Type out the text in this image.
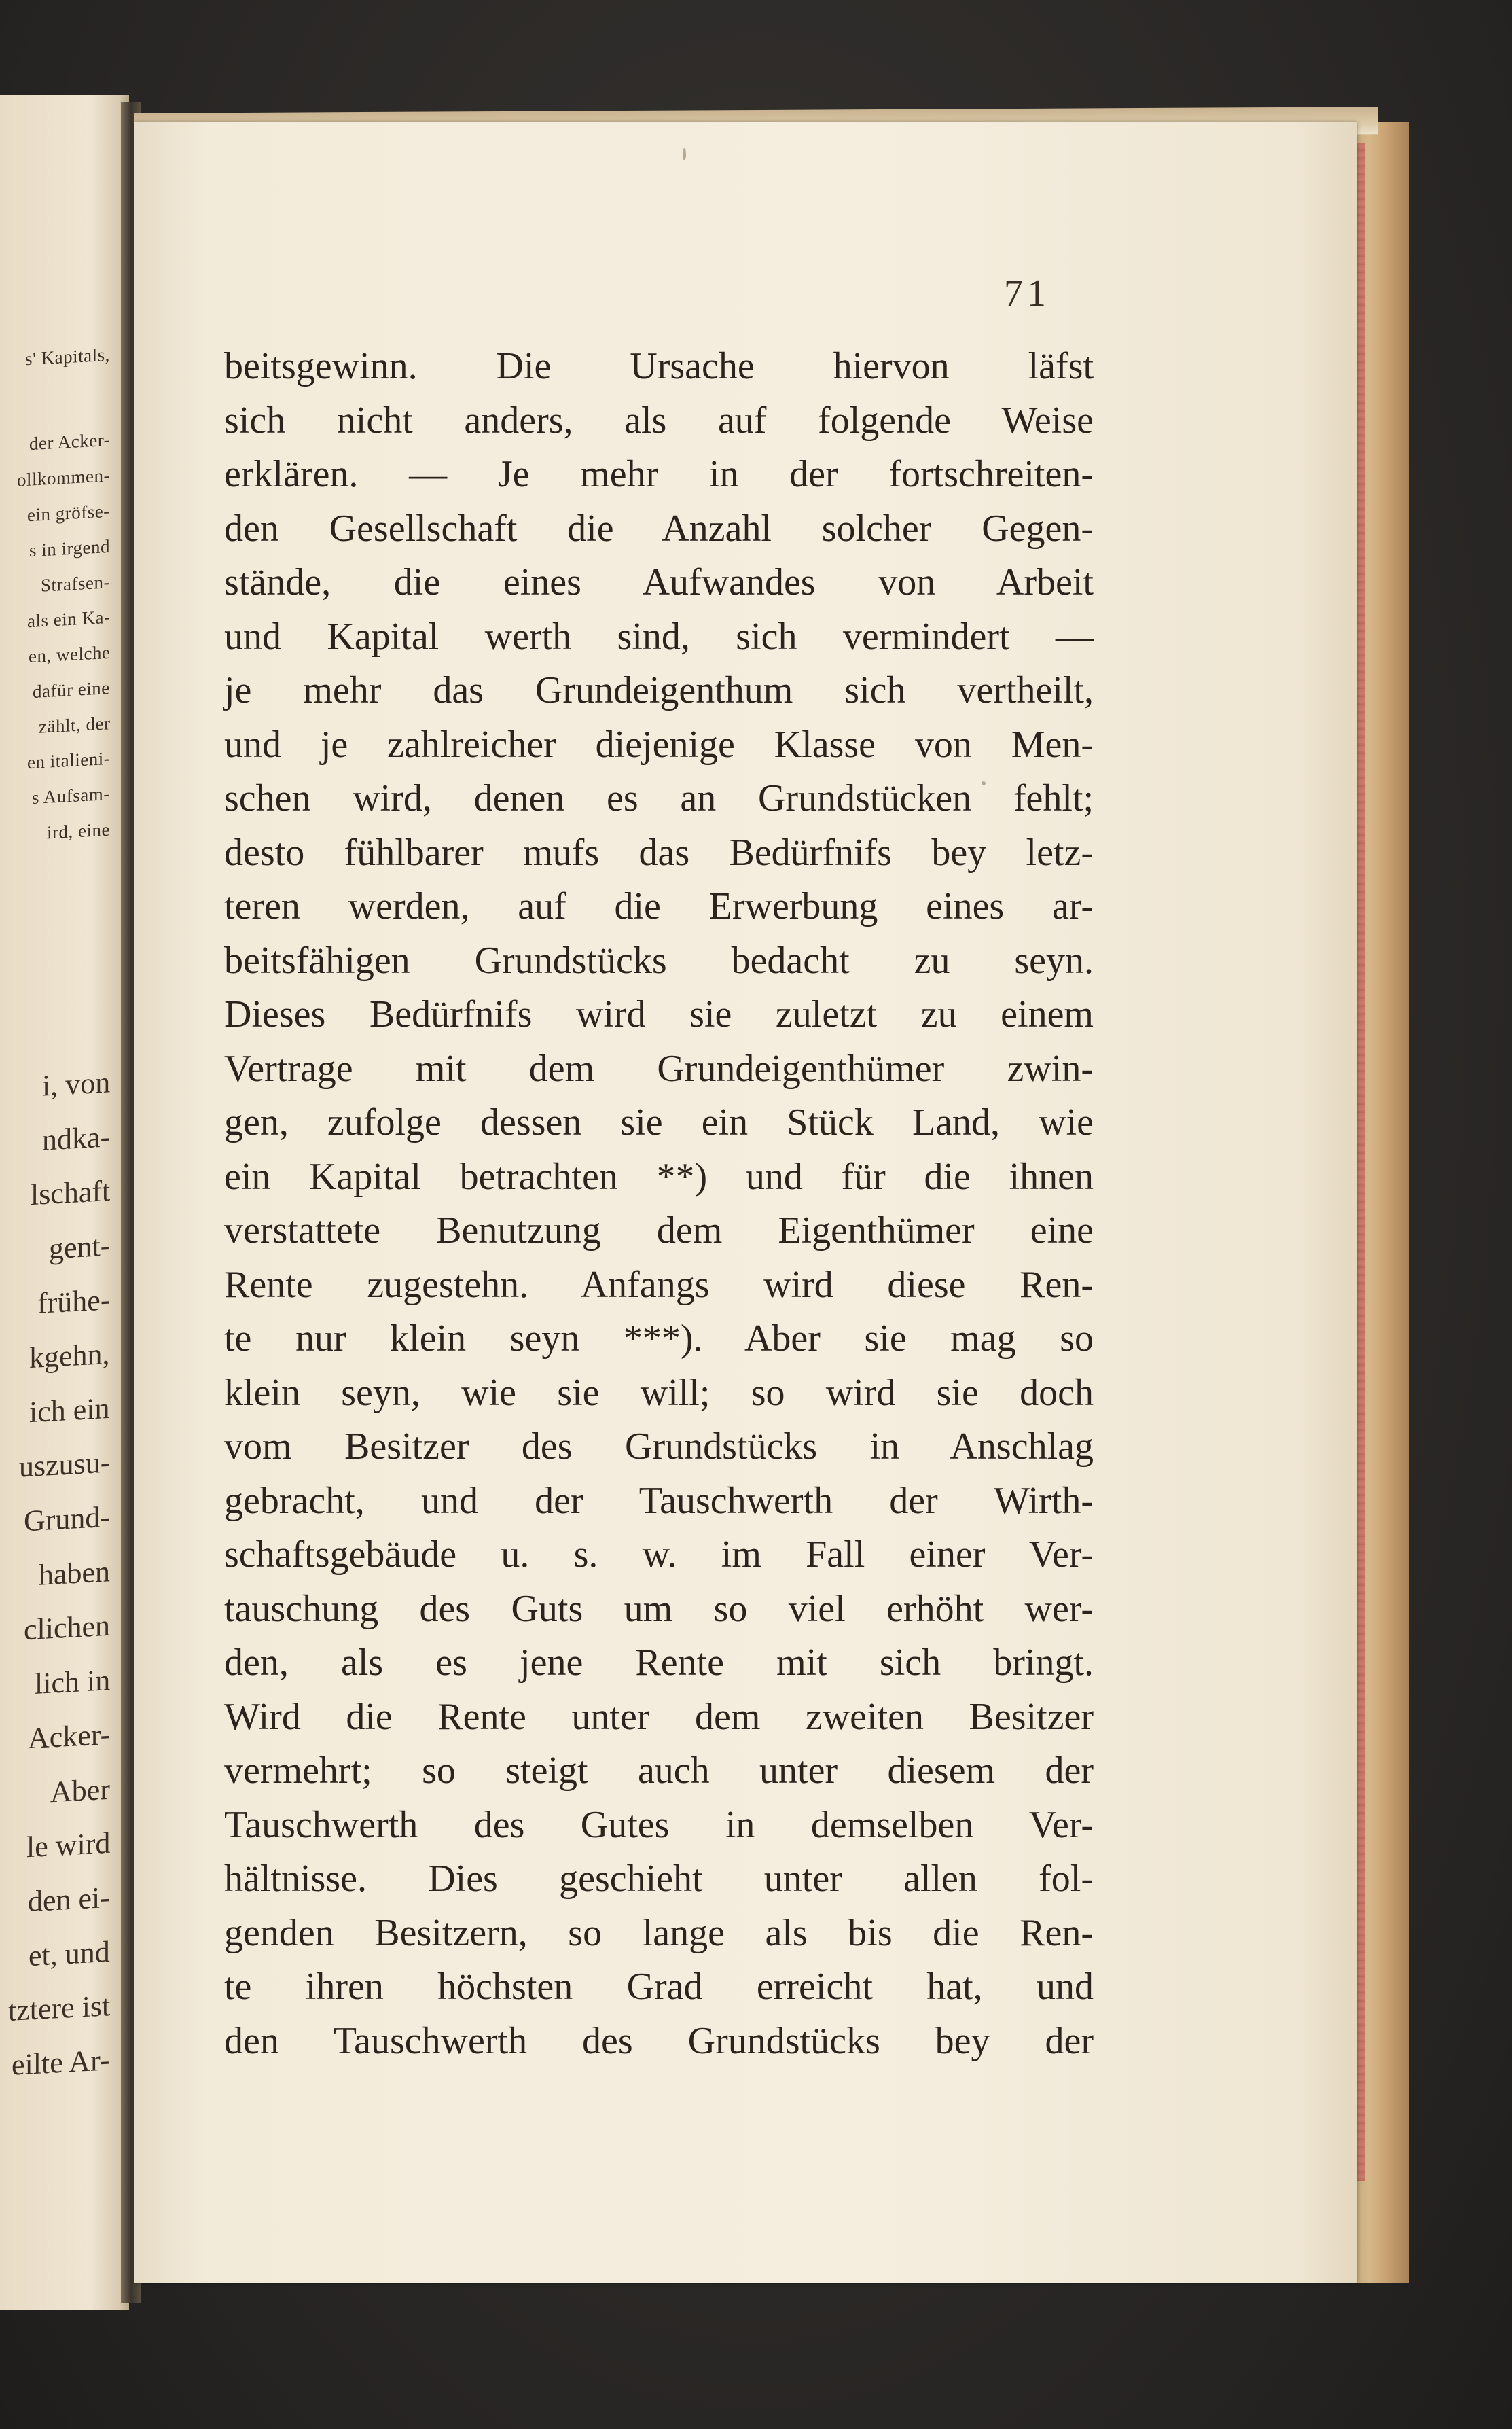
s' Kapitals,
der Acker-
ollkommen-
ein gröfse-
s in irgend
Strafsen-
als ein Ka-
en, welche
dafür eine
zählt, der
en italieni-
s Aufsam-
ird, eine
i, von
ndka-
lschaft
gent-
frühe-
kgehn,
ich ein
uszusu-
Grund-
haben
clichen
lich in
Acker-
Aber
le wird
den ei-
et, und
tztere ist
eilte Ar-
71
beitsgewinn. Die Ursache hiervon läfst
sich nicht anders, als auf folgende Weise
erklären. — Je mehr in der fortschreiten-
den Gesellschaft die Anzahl solcher Gegen-
stände, die eines Aufwandes von Arbeit
und Kapital werth sind, sich vermindert —
je mehr das Grundeigenthum sich vertheilt,
und je zahlreicher diejenige Klasse von Men-
schen wird, denen es an Grundstücken fehlt;
desto fühlbarer mufs das Bedürfnifs bey letz-
teren werden, auf die Erwerbung eines ar-
beitsfähigen Grundstücks bedacht zu seyn.
Dieses Bedürfnifs wird sie zuletzt zu einem
Vertrage mit dem Grundeigenthümer zwin-
gen, zufolge dessen sie ein Stück Land, wie
ein Kapital betrachten **) und für die ihnen
verstattete Benutzung dem Eigenthümer eine
Rente zugestehn. Anfangs wird diese Ren-
te nur klein seyn ***). Aber sie mag so
klein seyn, wie sie will; so wird sie doch
vom Besitzer des Grundstücks in Anschlag
gebracht, und der Tauschwerth der Wirth-
schaftsgebäude u. s. w. im Fall einer Ver-
tauschung des Guts um so viel erhöht wer-
den, als es jene Rente mit sich bringt.
Wird die Rente unter dem zweiten Besitzer
vermehrt; so steigt auch unter diesem der
Tauschwerth des Gutes in demselben Ver-
hältnisse. Dies geschieht unter allen fol-
genden Besitzern, so lange als bis die Ren-
te ihren höchsten Grad erreicht hat, und
den Tauschwerth des Grundstücks bey der
